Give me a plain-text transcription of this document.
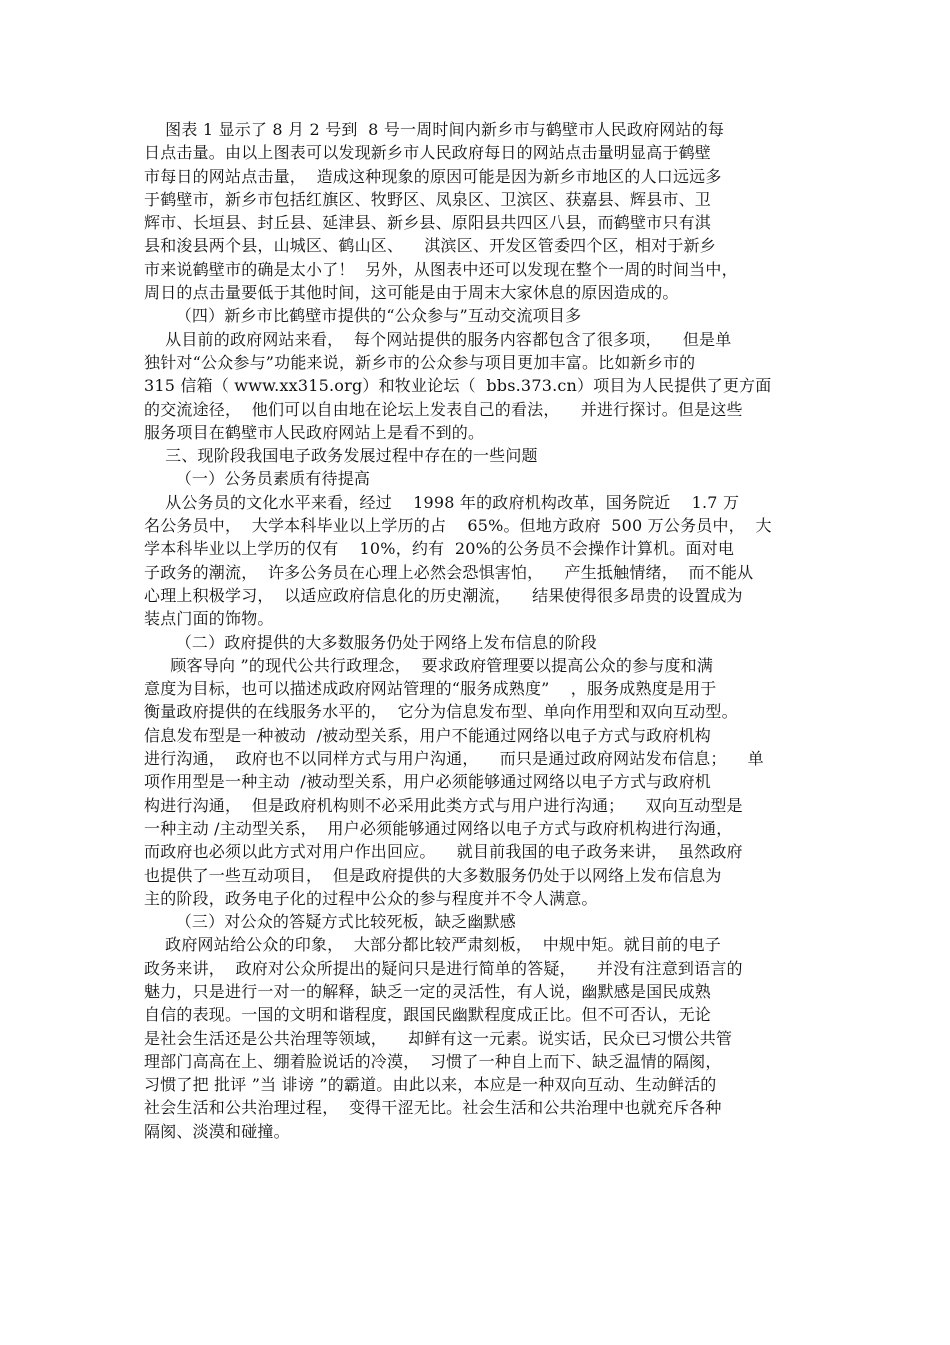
图表 1 显示了 8 月 2 号到  8 号一周时间内新乡市与鹤壁市人民政府网站的每
日点击量。由以上图表可以发现新乡市人民政府每日的网站点击量明显高于鹤壁
市每日的网站点击量，  造成这种现象的原因可能是因为新乡市地区的人口远远多
于鹤壁市，新乡市包括红旗区、牧野区、凤泉区、卫滨区、获嘉县、辉县市、卫
辉市、长垣县、封丘县、延津县、新乡县、原阳县共四区八县，而鹤壁市只有淇
县和浚县两个县，山城区、鹤山区、    淇滨区、开发区管委四个区，相对于新乡
市来说鹤壁市的确是太小了！  另外，从图表中还可以发现在整个一周的时间当中，
周日的点击量要低于其他时间，这可能是由于周末大家休息的原因造成的。
（四）新乡市比鹤壁市提供的“公众参与”互动交流项目多
从目前的政府网站来看，  每个网站提供的服务内容都包含了很多项，    但是单
独针对“公众参与”功能来说，新乡市的公众参与项目更加丰富。比如新乡市的
315 信箱（ www.xx315.org）和牧业论坛（  bbs.373.cn）项目为人民提供了更方面
的交流途径，  他们可以自由地在论坛上发表自己的看法，    并进行探讨。但是这些
服务项目在鹤壁市人民政府网站上是看不到的。
三、现阶段我国电子政务发展过程中存在的一些问题
（一）公务员素质有待提高
从公务员的文化水平来看，经过    1998 年的政府机构改革，国务院近    1.7 万
名公务员中，  大学本科毕业以上学历的占    65%。但地方政府  500 万公务员中，  大
学本科毕业以上学历的仅有    10%，约有  20%的公务员不会操作计算机。面对电
子政务的潮流，  许多公务员在心理上必然会恐惧害怕，    产生抵触情绪，  而不能从
心理上积极学习，  以适应政府信息化的历史潮流，    结果使得很多昂贵的设置成为
装点门面的饰物。
（二）政府提供的大多数服务仍处于网络上发布信息的阶段
顾客导向 ”的现代公共行政理念，  要求政府管理要以提高公众的参与度和满
意度为目标，也可以描述成政府网站管理的“服务成熟度”    ，服务成熟度是用于
衡量政府提供的在线服务水平的，  它分为信息发布型、单向作用型和双向互动型。
信息发布型是一种被动  /被动型关系，用户不能通过网络以电子方式与政府机构
进行沟通，  政府也不以同样方式与用户沟通，    而只是通过政府网站发布信息；    单
项作用型是一种主动  /被动型关系，用户必须能够通过网络以电子方式与政府机
构进行沟通，  但是政府机构则不必采用此类方式与用户进行沟通；    双向互动型是
一种主动 /主动型关系，  用户必须能够通过网络以电子方式与政府机构进行沟通，
而政府也必须以此方式对用户作出回应。    就目前我国的电子政务来讲，  虽然政府
也提供了一些互动项目，  但是政府提供的大多数服务仍处于以网络上发布信息为
主的阶段，政务电子化的过程中公众的参与程度并不令人满意。
（三）对公众的答疑方式比较死板，缺乏幽默感
政府网站给公众的印象，  大部分都比较严肃刻板，  中规中矩。就目前的电子
政务来讲，  政府对公众所提出的疑问只是进行简单的答疑，    并没有注意到语言的
魅力，只是进行一对一的解释，缺乏一定的灵活性，有人说，幽默感是国民成熟
自信的表现。一国的文明和谐程度，跟国民幽默程度成正比。但不可否认，无论
是社会生活还是公共治理等领域，    却鲜有这一元素。说实话，民众已习惯公共管
理部门高高在上、绷着脸说话的冷漠，  习惯了一种自上而下、缺乏温情的隔阂，
习惯了把 批评 ”当 诽谤 ”的霸道。由此以来，本应是一种双向互动、生动鲜活的
社会生活和公共治理过程，  变得干涩无比。社会生活和公共治理中也就充斥各种
隔阂、淡漠和碰撞。
